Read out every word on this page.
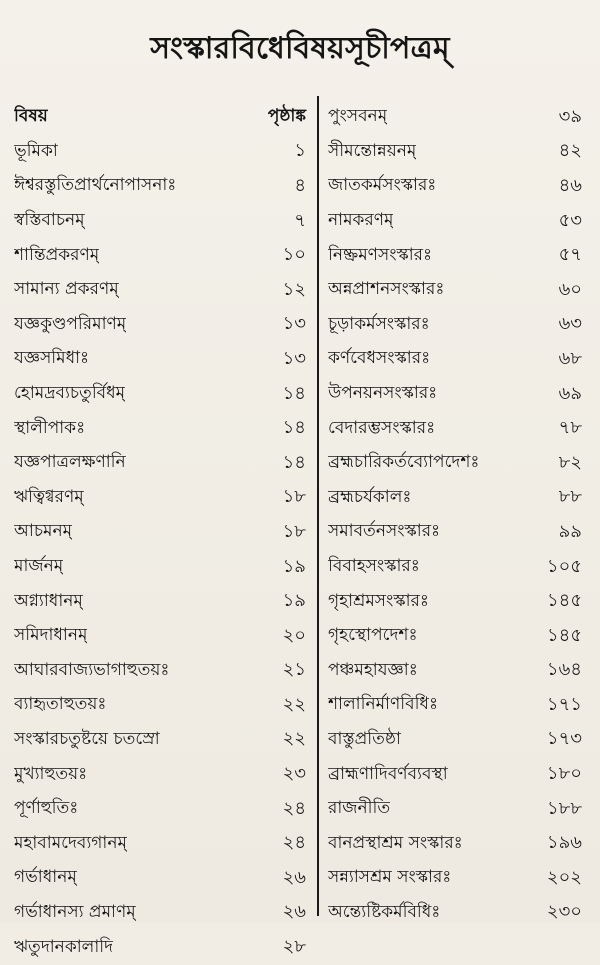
সংস্কারবিধেবিষয়সূচীপত্রম্
বিষয়	পৃষ্ঠাঙ্ক
ভূমিকা	১
ঈশ্বরস্তুতিপ্রার্থনোপাসনাঃ	৪
স্বস্তিবাচনম্	৭
শান্তিপ্রকরণম্	১০
সামান্য প্রকরণম্	১২
যজ্ঞকুণ্ডপরিমাণম্	১৩
যজ্ঞসমিধাঃ	১৩
হোমদ্রব্যচতুর্বিধম্	১৪
স্থালীপাকঃ	১৪
যজ্ঞপাত্রলক্ষণানি	১৪
ঋত্বিগ্বরণম্	১৮
আচমনম্	১৮
মার্জনম্	১৯
অগ্ন্যাধানম্	১৯
সমিদাধানম্	২০
আঘারবাজ্যভাগাহুতয়ঃ	২১
ব্যাহৃতাহুতয়ঃ	২২
সংস্কারচতুষ্টয়ে চতস্রো	২২
মুখ্যাহুতয়ঃ	২৩
পূর্ণাহুতিঃ	২৪
মহাবামদেব্যগানম্	২৪
গর্ভাধানম্	২৬
গর্ভাধানস্য প্রমাণম্	২৬
ঋতুদানকালাদি	২৮
পুংসবনম্	৩৯
সীমন্তোন্নয়নম্	৪২
জাতকর্মসংস্কারঃ	৪৬
নামকরণম্	৫৩
নিষ্ক্রমণসংস্কারঃ	৫৭
অন্নপ্রাশনসংস্কারঃ	৬০
চূড়াকর্মসংস্কারঃ	৬৩
কর্ণবেধসংস্কারঃ	৬৮
উপনয়নসংস্কারঃ	৬৯
বেদারম্ভসংস্কারঃ	৭৮
ব্রহ্মচারিকর্তব্যোপদেশঃ	৮২
ব্রহ্মচর্যকালঃ	৮৮
সমাবর্তনসংস্কারঃ	৯৯
বিবাহসংস্কারঃ	১০৫
গৃহাশ্রমসংস্কারঃ	১৪৫
গৃহস্থোপদেশঃ	১৪৫
পঞ্চমহাযজ্ঞাঃ	১৬৪
শালানির্মাণবিধিঃ	১৭১
বাস্তুপ্রতিষ্ঠা	১৭৩
ব্রাহ্মণাদিবর্ণব্যবস্থা	১৮০
রাজনীতি	১৮৮
বানপ্রস্থাশ্রম সংস্কারঃ	১৯৬
সন্ন্যাসশ্রম সংস্কারঃ	২০২
অন্ত্যেষ্টিকর্মবিধিঃ	২৩০
